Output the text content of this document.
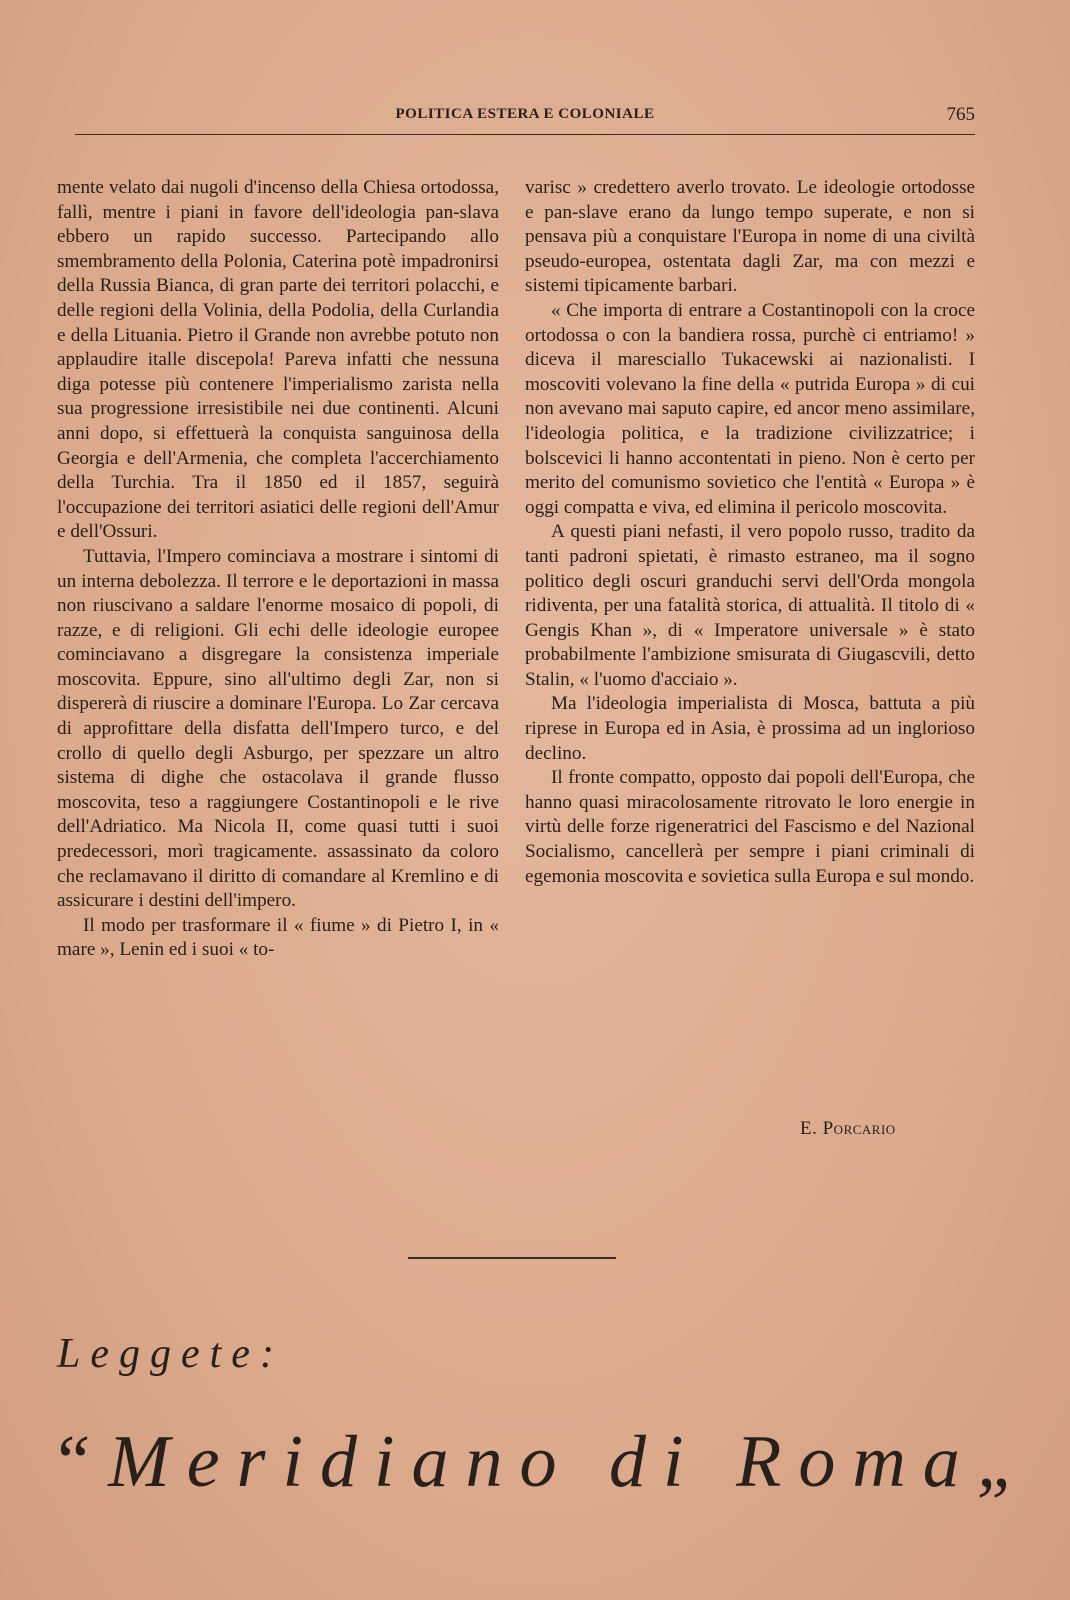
POLITICA ESTERA E COLONIALE	765

mente velato dai nugoli d'incenso della Chiesa ortodossa, fallì, mentre i piani in favore dell'ideologia pan-slava ebbero un rapido successo. Partecipando allo smembramento della Polonia, Caterina potè impadronirsi della Russia Bianca, di gran parte dei territori polacchi, e delle regioni della Volinia, della Podolia, della Curlandia e della Lituania. Pietro il Grande non avrebbe potuto non applaudire italle discepola! Pareva infatti che nessuna diga potesse più contenere l'imperialismo zarista nella sua progressione irresistibile nei due continenti. Alcuni anni dopo, si effettuerà la conquista sanguinosa della Georgia e dell'Armenia, che completa l'accerchiamento della Turchia. Tra il 1850 ed il 1857, seguirà l'occupazione dei territori asiatici delle regioni dell'Amur e dell'Ossuri.

Tuttavia, l'Impero cominciava a mostrare i sintomi di un interna debolezza. Il terrore e le deportazioni in massa non riuscivano a saldare l'enorme mosaico di popoli, di razze, e di religioni. Gli echi delle ideologie europee cominciavano a disgregare la consistenza imperiale moscovita. Eppure, sino all'ultimo degli Zar, non si dispererà di riuscire a dominare l'Europa. Lo Zar cercava di approfittare della disfatta dell'Impero turco, e del crollo di quello degli Asburgo, per spezzare un altro sistema di dighe che ostacolava il grande flusso moscovita, teso a raggiungere Costantinopoli e le rive dell'Adriatico. Ma Nicola II, come quasi tutti i suoi predecessori, morì tragicamente. assassinato da coloro che reclamavano il diritto di comandare al Kremlino e di assicurare i destini dell'impero.

Il modo per trasformare il « fiume » di Pietro I, in « mare », Lenin ed i suoi « to-

varisc » credettero averlo trovato. Le ideologie ortodosse e pan-slave erano da lungo tempo superate, e non si pensava più a conquistare l'Europa in nome di una civiltà pseudo-europea, ostentata dagli Zar, ma con mezzi e sistemi tipicamente barbari.

« Che importa di entrare a Costantinopoli con la croce ortodossa o con la bandiera rossa, purchè ci entriamo! » diceva il maresciallo Tukacewski ai nazionalisti. I moscoviti volevano la fine della « putrida Europa » di cui non avevano mai saputo capire, ed ancor meno assimilare, l'ideologia politica, e la tradizione civilizzatrice; i bolscevici li hanno accontentati in pieno. Non è certo per merito del comunismo sovietico che l'entità « Europa » è oggi compatta e viva, ed elimina il pericolo moscovita.

A questi piani nefasti, il vero popolo russo, tradito da tanti padroni spietati, è rimasto estraneo, ma il sogno politico degli oscuri granduchi servi dell'Orda mongola ridiventa, per una fatalità storica, di attualità. Il titolo di « Gengis Khan », di « Imperatore universale » è stato probabilmente l'ambizione smisurata di Giugascvili, detto Stalin, « l'uomo d'acciaio ».

Ma l'ideologia imperialista di Mosca, battuta a più riprese in Europa ed in Asia, è prossima ad un inglorioso declino.

Il fronte compatto, opposto dai popoli dell'Europa, che hanno quasi miracolosamente ritrovato le loro energie in virtù delle forze rigeneratrici del Fascismo e del Nazional Socialismo, cancellerà per sempre i piani criminali di egemonia moscovita e sovietica sulla Europa e sul mondo.

E. Porcario
Leggete:
“Meridiano di Roma„
